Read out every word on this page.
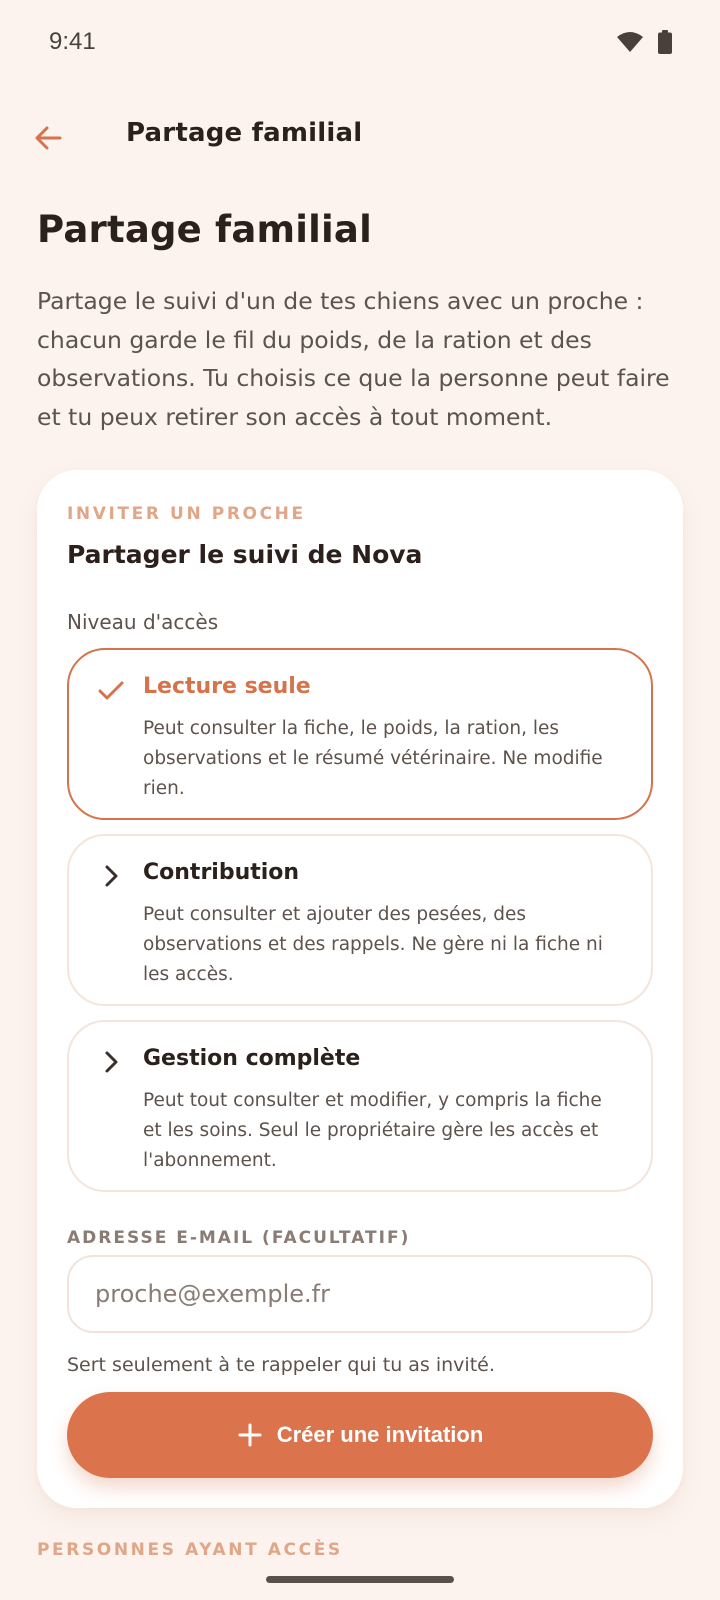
9:41
Partage familial
Partage familial

Partage le suivi d'un de tes chiens avec un proche : chacun garde le fil du poids, de la ration et des observations. Tu choisis ce que la personne peut faire et tu peux retirer son accès à tout moment.

INVITER UN PROCHE
Partager le suivi de Nova
Niveau d'accès
Lecture seule
Peut consulter la fiche, le poids, la ration, les observations et le résumé vétérinaire. Ne modifie rien.
Contribution
Peut consulter et ajouter des pesées, des observations et des rappels. Ne gère ni la fiche ni les accès.
Gestion complète
Peut tout consulter et modifier, y compris la fiche et les soins. Seul le propriétaire gère les accès et l'abonnement.
ADRESSE E-MAIL (FACULTATIF)
proche@exemple.fr
Sert seulement à te rappeler qui tu as invité.
Créer une invitation
PERSONNES AYANT ACCÈS
